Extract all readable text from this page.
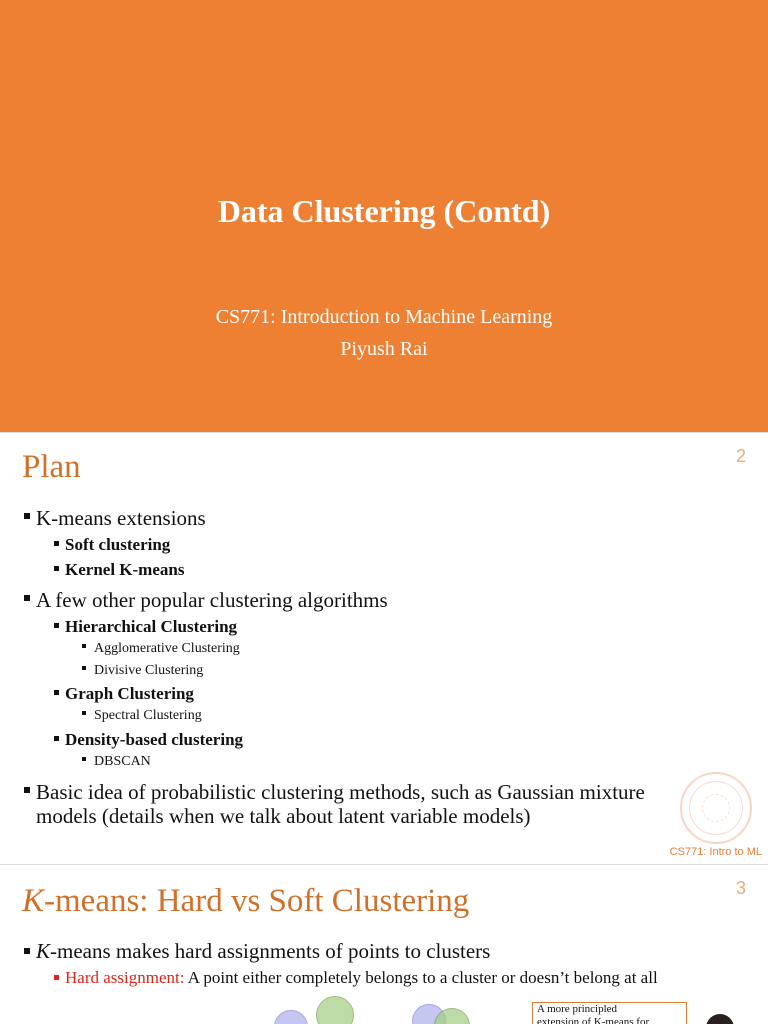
Data Clustering (Contd)
CS771: Introduction to Machine Learning
Piyush Rai
Plan	2
K-means extensions
Soft clustering
Kernel K-means
A few other popular clustering algorithms
Hierarchical Clustering
Agglomerative Clustering
Divisive Clustering
Graph Clustering
Spectral Clustering
Density-based clustering
DBSCAN
Basic idea of probabilistic clustering methods, such as Gaussian mixture
models (details when we talk about latent variable models)
CS771: Intro to ML
K-means: Hard vs Soft Clustering	3
K-means makes hard assignments of points to clusters
Hard assignment: A point either completely belongs to a cluster or doesn’t belong at all
A more principled
extension of K-means for
